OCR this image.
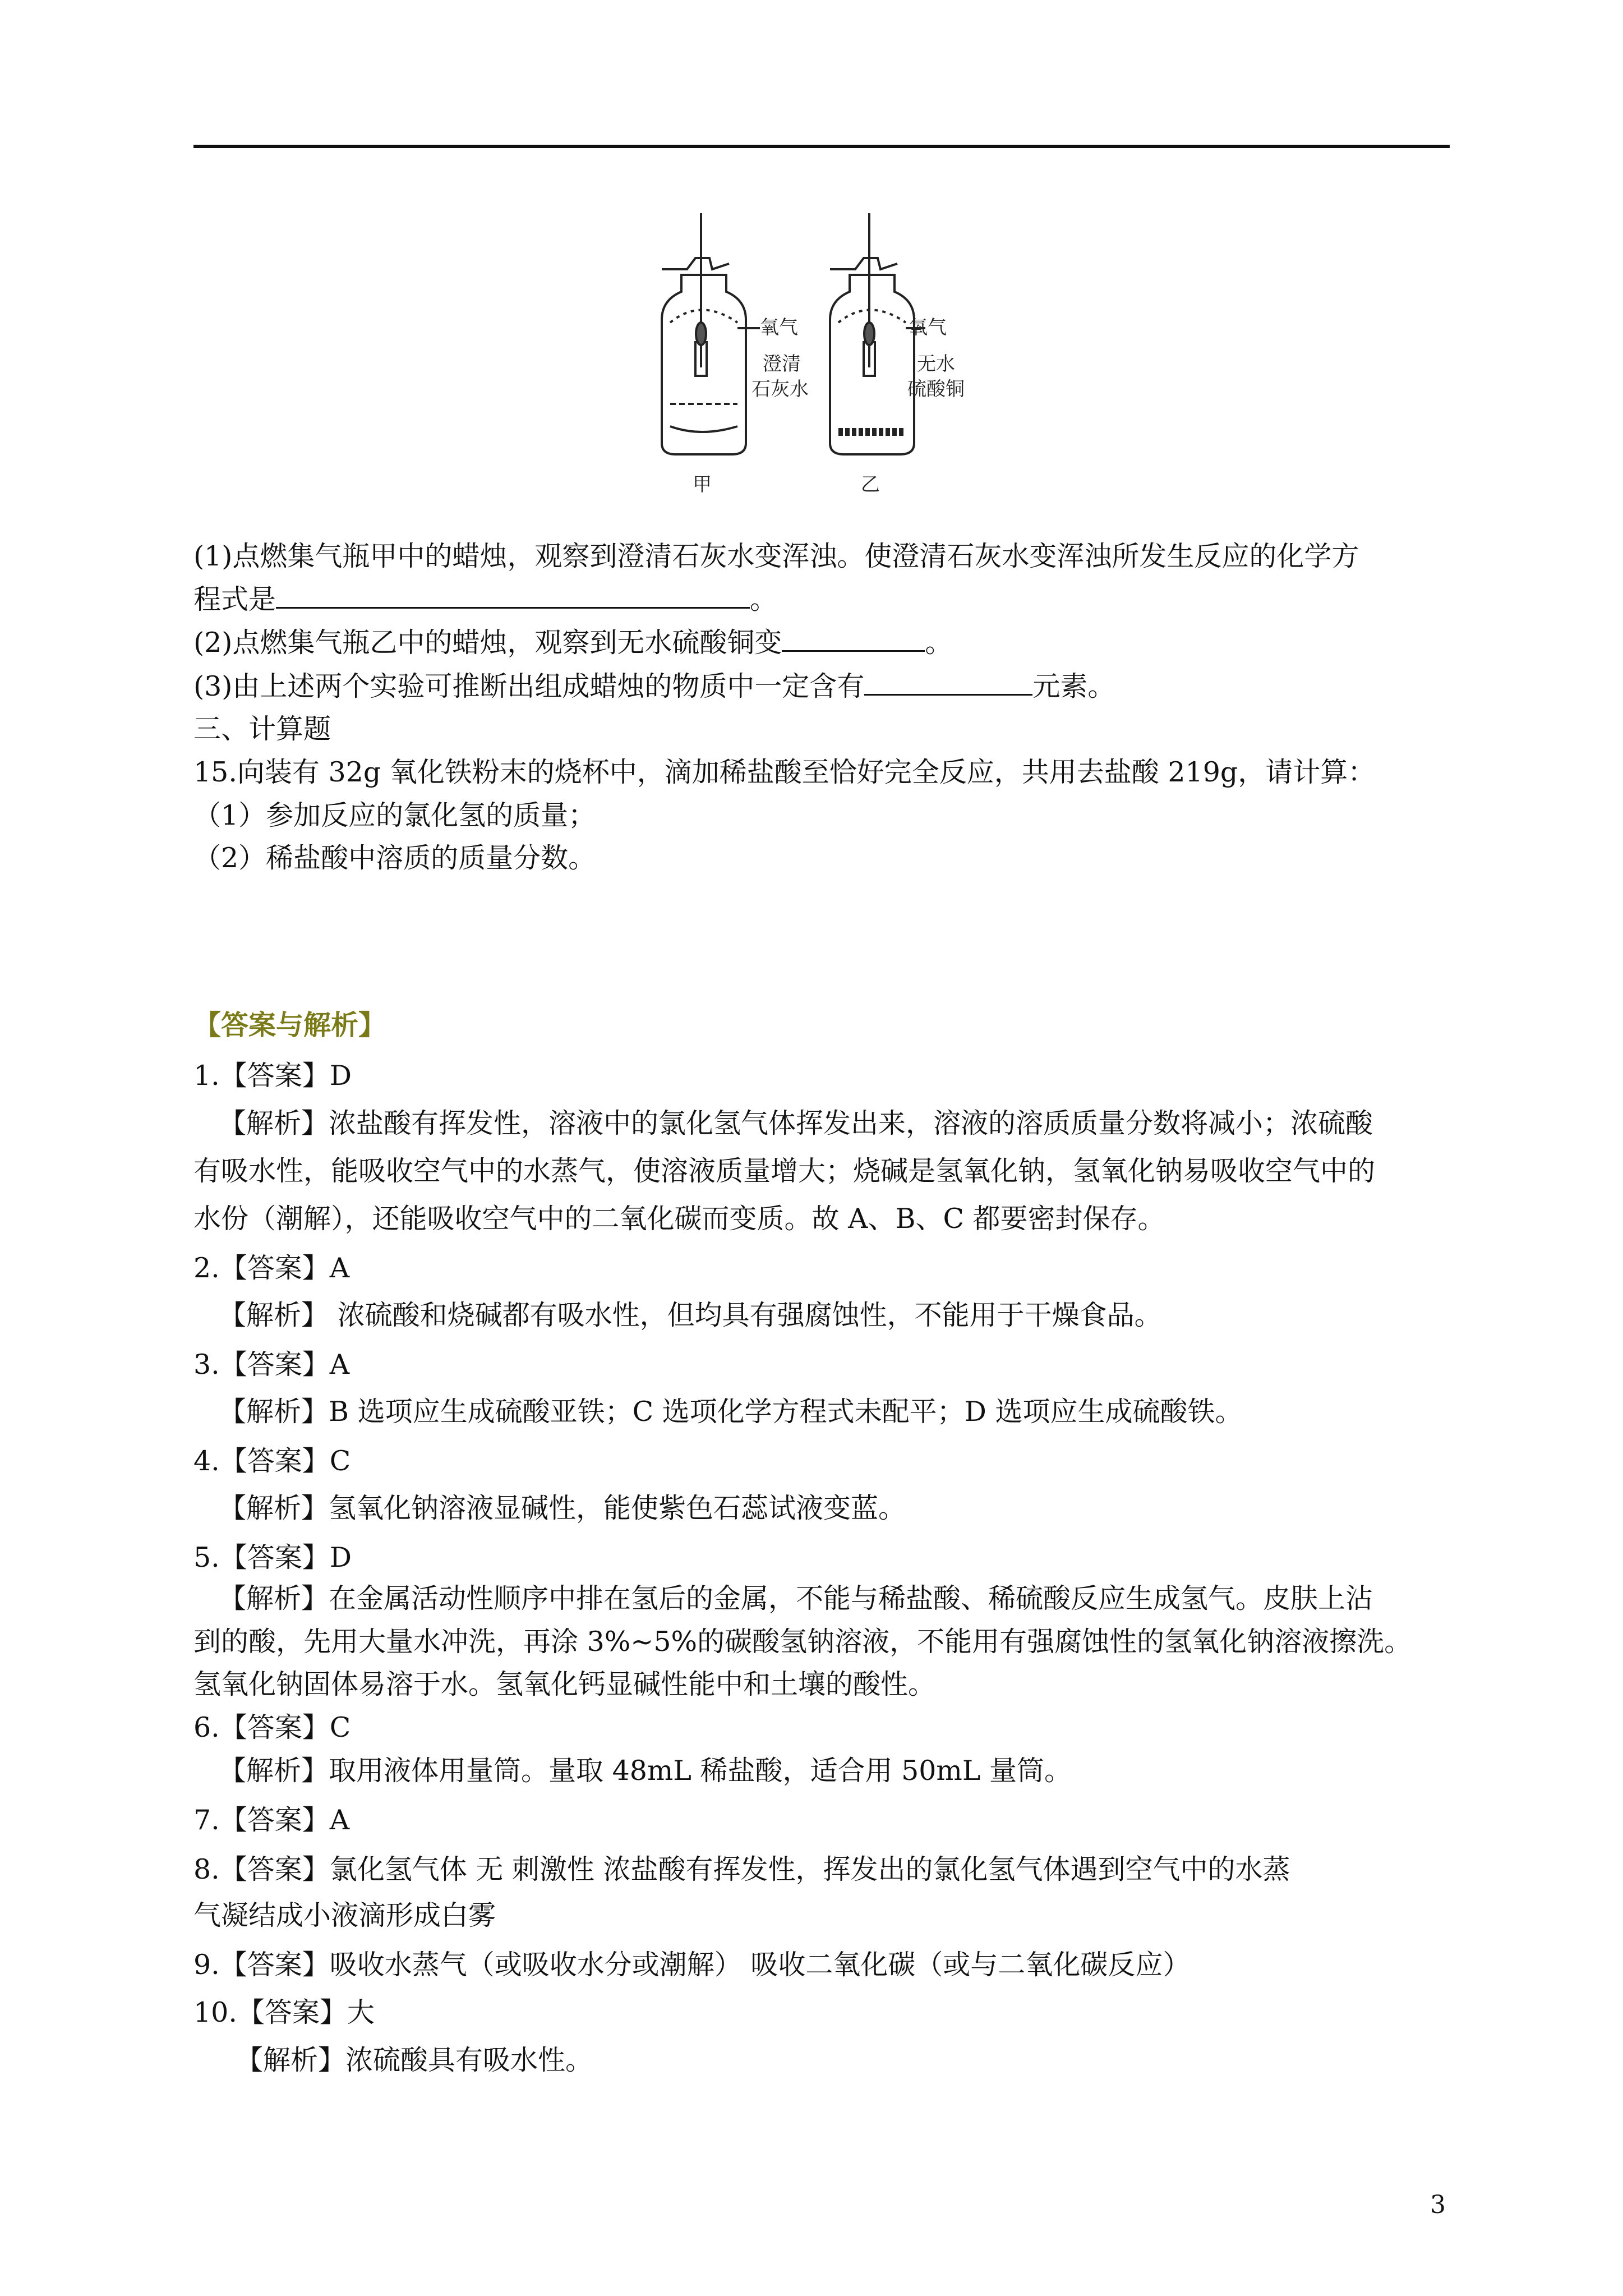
氧气
澄清
石灰水
氧气
无水
硫酸铜
甲	乙
(1)点燃集气瓶甲中的蜡烛，观察到澄清石灰水变浑浊。使澄清石灰水变浑浊所发生反应的化学方
程式是	。
(2)点燃集气瓶乙中的蜡烛，观察到无水硫酸铜变	。
(3)由上述两个实验可推断出组成蜡烛的物质中一定含有	元素。
三、计算题
15.向装有 32g 氧化铁粉末的烧杯中，滴加稀盐酸至恰好完全反应，共用去盐酸 219g，请计算：
（1）参加反应的氯化氢的质量；
（2）稀盐酸中溶质的质量分数。
【答案与解析】
1.【答案】D
【解析】浓盐酸有挥发性，溶液中的氯化氢气体挥发出来，溶液的溶质质量分数将减小；浓硫酸
有吸水性，能吸收空气中的水蒸气，使溶液质量增大；烧碱是氢氧化钠，氢氧化钠易吸收空气中的
水份（潮解），还能吸收空气中的二氧化碳而变质。故 A、B、C 都要密封保存。
2.【答案】A
【解析】 浓硫酸和烧碱都有吸水性，但均具有强腐蚀性，不能用于干燥食品。
3.【答案】A
【解析】B 选项应生成硫酸亚铁；C 选项化学方程式未配平；D 选项应生成硫酸铁。
4.【答案】C
【解析】氢氧化钠溶液显碱性，能使紫色石蕊试液变蓝。
5.【答案】D
【解析】在金属活动性顺序中排在氢后的金属，不能与稀盐酸、稀硫酸反应生成氢气。皮肤上沾
到的酸，先用大量水冲洗，再涂 3%~5%的碳酸氢钠溶液，不能用有强腐蚀性的氢氧化钠溶液擦洗。
氢氧化钠固体易溶于水。氢氧化钙显碱性能中和土壤的酸性。
6.【答案】C
【解析】取用液体用量筒。量取 48mL 稀盐酸，适合用 50mL 量筒。
7.【答案】A
8.【答案】氯化氢气体 无 刺激性 浓盐酸有挥发性，挥发出的氯化氢气体遇到空气中的水蒸
气凝结成小液滴形成白雾
9.【答案】吸收水蒸气（或吸收水分或潮解） 吸收二氧化碳（或与二氧化碳反应）
10.【答案】大
【解析】浓硫酸具有吸水性。
3
